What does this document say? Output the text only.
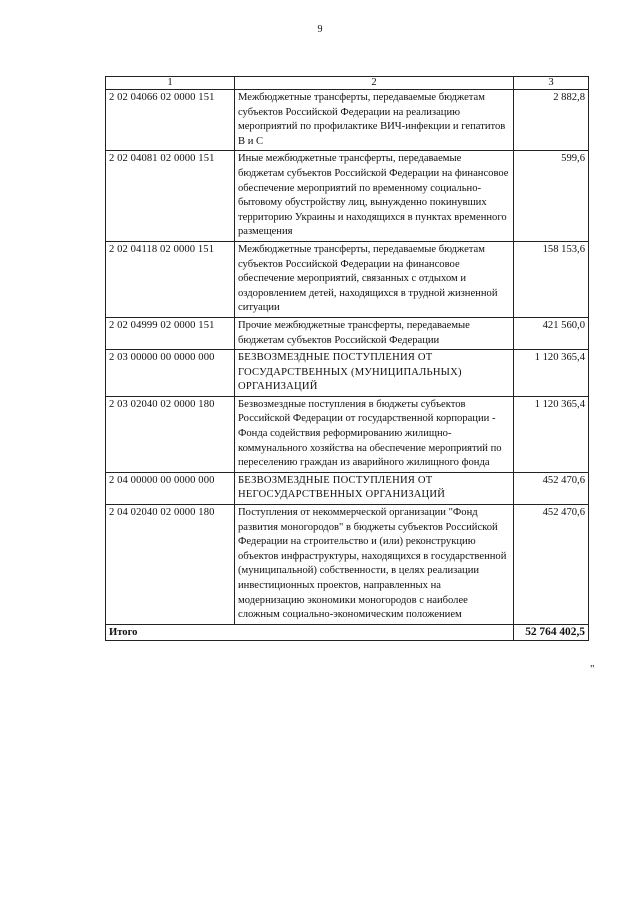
9
1	2	3
2 02 04066 02 0000 151	Межбюджетные трансферты, передаваемые бюджетам субъектов Российской Федерации на реализацию мероприятий по профилактике ВИЧ-инфекции и гепатитов В и С	2 882,8
2 02 04081 02 0000 151	Иные межбюджетные трансферты, передаваемые бюджетам субъектов Российской Федерации на финансовое обеспечение мероприятий по временному социально-бытовому обустройству лиц, вынужденно покинувших территорию Украины и находящихся в пунктах временного размещения	599,6
2 02 04118 02 0000 151	Межбюджетные трансферты, передаваемые бюджетам субъектов Российской Федерации на финансовое обеспечение мероприятий, связанных с отдыхом и оздоровлением детей, находящихся в трудной жизненной ситуации	158 153,6
2 02 04999 02 0000 151	Прочие межбюджетные трансферты, передаваемые бюджетам субъектов Российской Федерации	421 560,0
2 03 00000 00 0000 000	БЕЗВОЗМЕЗДНЫЕ ПОСТУПЛЕНИЯ ОТ ГОСУДАРСТВЕННЫХ (МУНИЦИПАЛЬНЫХ) ОРГАНИЗАЦИЙ	1 120 365,4
2 03 02040 02 0000 180	Безвозмездные поступления в бюджеты субъектов Российской Федерации от государственной корпорации - Фонда содействия реформированию жилищно-коммунального хозяйства на обеспечение мероприятий по переселению граждан из аварийного жилищного фонда	1 120 365,4
2 04 00000 00 0000 000	БЕЗВОЗМЕЗДНЫЕ ПОСТУПЛЕНИЯ ОТ НЕГОСУДАРСТВЕННЫХ ОРГАНИЗАЦИЙ	452 470,6
2 04 02040 02 0000 180	Поступления от некоммерческой организации "Фонд развития моногородов" в бюджеты субъектов Российской Федерации на строительство и (или) реконструкцию объектов инфраструктуры, находящихся в государственной (муниципальной) собственности, в целях реализации инвестиционных проектов, направленных на модернизацию экономики моногородов с наиболее сложным социально-экономическим положением	452 470,6
Итого		52 764 402,5
"
